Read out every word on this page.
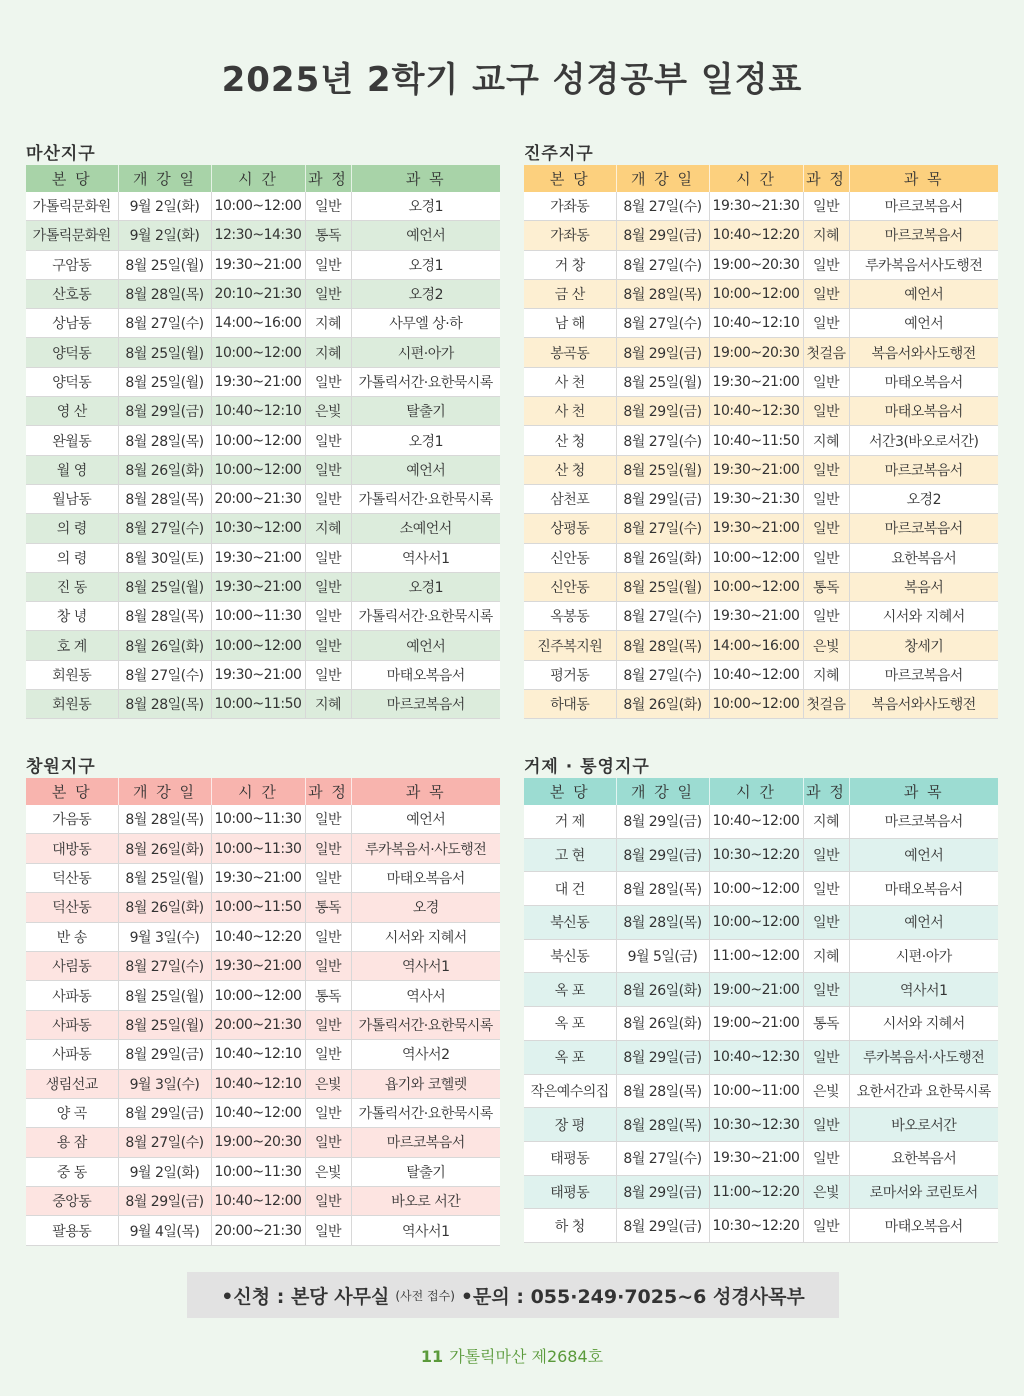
2025년 2학기 교구 성경공부 일정표
마산지구
본 당	개 강 일	시 간	과 정	과 목
가톨릭문화원	9월 2일(화)	10:00~12:00	일반	오경1
가톨릭문화원	9월 2일(화)	12:30~14:30	통독	예언서
구암동	8월 25일(월)	19:30~21:00	일반	오경1
산호동	8월 28일(목)	20:10~21:30	일반	오경2
상남동	8월 27일(수)	14:00~16:00	지혜	사무엘 상·하
양덕동	8월 25일(월)	10:00~12:00	지혜	시편·아가
양덕동	8월 25일(월)	19:30~21:00	일반	가톨릭서간·요한묵시록
영 산	8월 29일(금)	10:40~12:10	은빛	탈출기
완월동	8월 28일(목)	10:00~12:00	일반	오경1
월 영	8월 26일(화)	10:00~12:00	일반	예언서
월남동	8월 28일(목)	20:00~21:30	일반	가톨릭서간·요한묵시록
의 령	8월 27일(수)	10:30~12:00	지혜	소예언서
의 령	8월 30일(토)	19:30~21:00	일반	역사서1
진 동	8월 25일(월)	19:30~21:00	일반	오경1
창 녕	8월 28일(목)	10:00~11:30	일반	가톨릭서간·요한묵시록
호 계	8월 26일(화)	10:00~12:00	일반	예언서
회원동	8월 27일(수)	19:30~21:00	일반	마태오복음서
회원동	8월 28일(목)	10:00~11:50	지혜	마르코복음서
진주지구
본 당	개 강 일	시 간	과 정	과 목
가좌동	8월 27일(수)	19:30~21:30	일반	마르코복음서
가좌동	8월 29일(금)	10:40~12:20	지혜	마르코복음서
거 창	8월 27일(수)	19:00~20:30	일반	루카복음서사도행전
금 산	8월 28일(목)	10:00~12:00	일반	예언서
남 해	8월 27일(수)	10:40~12:10	일반	예언서
봉곡동	8월 29일(금)	19:00~20:30	첫걸음	복음서와사도행전
사 천	8월 25일(월)	19:30~21:00	일반	마태오복음서
사 천	8월 29일(금)	10:40~12:30	일반	마태오복음서
산 청	8월 27일(수)	10:40~11:50	지혜	서간3(바오로서간)
산 청	8월 25일(월)	19:30~21:00	일반	마르코복음서
삼천포	8월 29일(금)	19:30~21:30	일반	오경2
상평동	8월 27일(수)	19:30~21:00	일반	마르코복음서
신안동	8월 26일(화)	10:00~12:00	일반	요한복음서
신안동	8월 25일(월)	10:00~12:00	통독	복음서
옥봉동	8월 27일(수)	19:30~21:00	일반	시서와 지혜서
진주복지원	8월 28일(목)	14:00~16:00	은빛	창세기
평거동	8월 27일(수)	10:40~12:00	지혜	마르코복음서
하대동	8월 26일(화)	10:00~12:00	첫걸음	복음서와사도행전
창원지구
본 당	개 강 일	시 간	과 정	과 목
가음동	8월 28일(목)	10:00~11:30	일반	예언서
대방동	8월 26일(화)	10:00~11:30	일반	루카복음서·사도행전
덕산동	8월 25일(월)	19:30~21:00	일반	마태오복음서
덕산동	8월 26일(화)	10:00~11:50	통독	오경
반 송	9월 3일(수)	10:40~12:20	일반	시서와 지혜서
사림동	8월 27일(수)	19:30~21:00	일반	역사서1
사파동	8월 25일(월)	10:00~12:00	통독	역사서
사파동	8월 25일(월)	20:00~21:30	일반	가톨릭서간·요한묵시록
사파동	8월 29일(금)	10:40~12:10	일반	역사서2
생림선교	9월 3일(수)	10:40~12:10	은빛	욥기와 코헬렛
양 곡	8월 29일(금)	10:40~12:00	일반	가톨릭서간·요한묵시록
용 잠	8월 27일(수)	19:00~20:30	일반	마르코복음서
중 동	9월 2일(화)	10:00~11:30	은빛	탈출기
중앙동	8월 29일(금)	10:40~12:00	일반	바오로 서간
팔용동	9월 4일(목)	20:00~21:30	일반	역사서1
거제 · 통영지구
본 당	개 강 일	시 간	과 정	과 목
거 제	8월 29일(금)	10:40~12:00	지혜	마르코복음서
고 현	8월 29일(금)	10:30~12:20	일반	예언서
대 건	8월 28일(목)	10:00~12:00	일반	마태오복음서
북신동	8월 28일(목)	10:00~12:00	일반	예언서
북신동	9월 5일(금)	11:00~12:00	지혜	시편·아가
옥 포	8월 26일(화)	19:00~21:00	일반	역사서1
옥 포	8월 26일(화)	19:00~21:00	통독	시서와 지혜서
옥 포	8월 29일(금)	10:40~12:30	일반	루카복음서·사도행전
작은예수의집	8월 28일(목)	10:00~11:00	은빛	요한서간과 요한묵시록
장 평	8월 28일(목)	10:30~12:30	일반	바오로서간
태평동	8월 27일(수)	19:30~21:00	일반	요한복음서
태평동	8월 29일(금)	11:00~12:20	은빛	로마서와 코린토서
하 청	8월 29일(금)	10:30~12:20	일반	마태오복음서
•신청 : 본당 사무실 (사전 접수) •문의 : 055·249·7025~6 성경사목부
11 가톨릭마산 제2684호
